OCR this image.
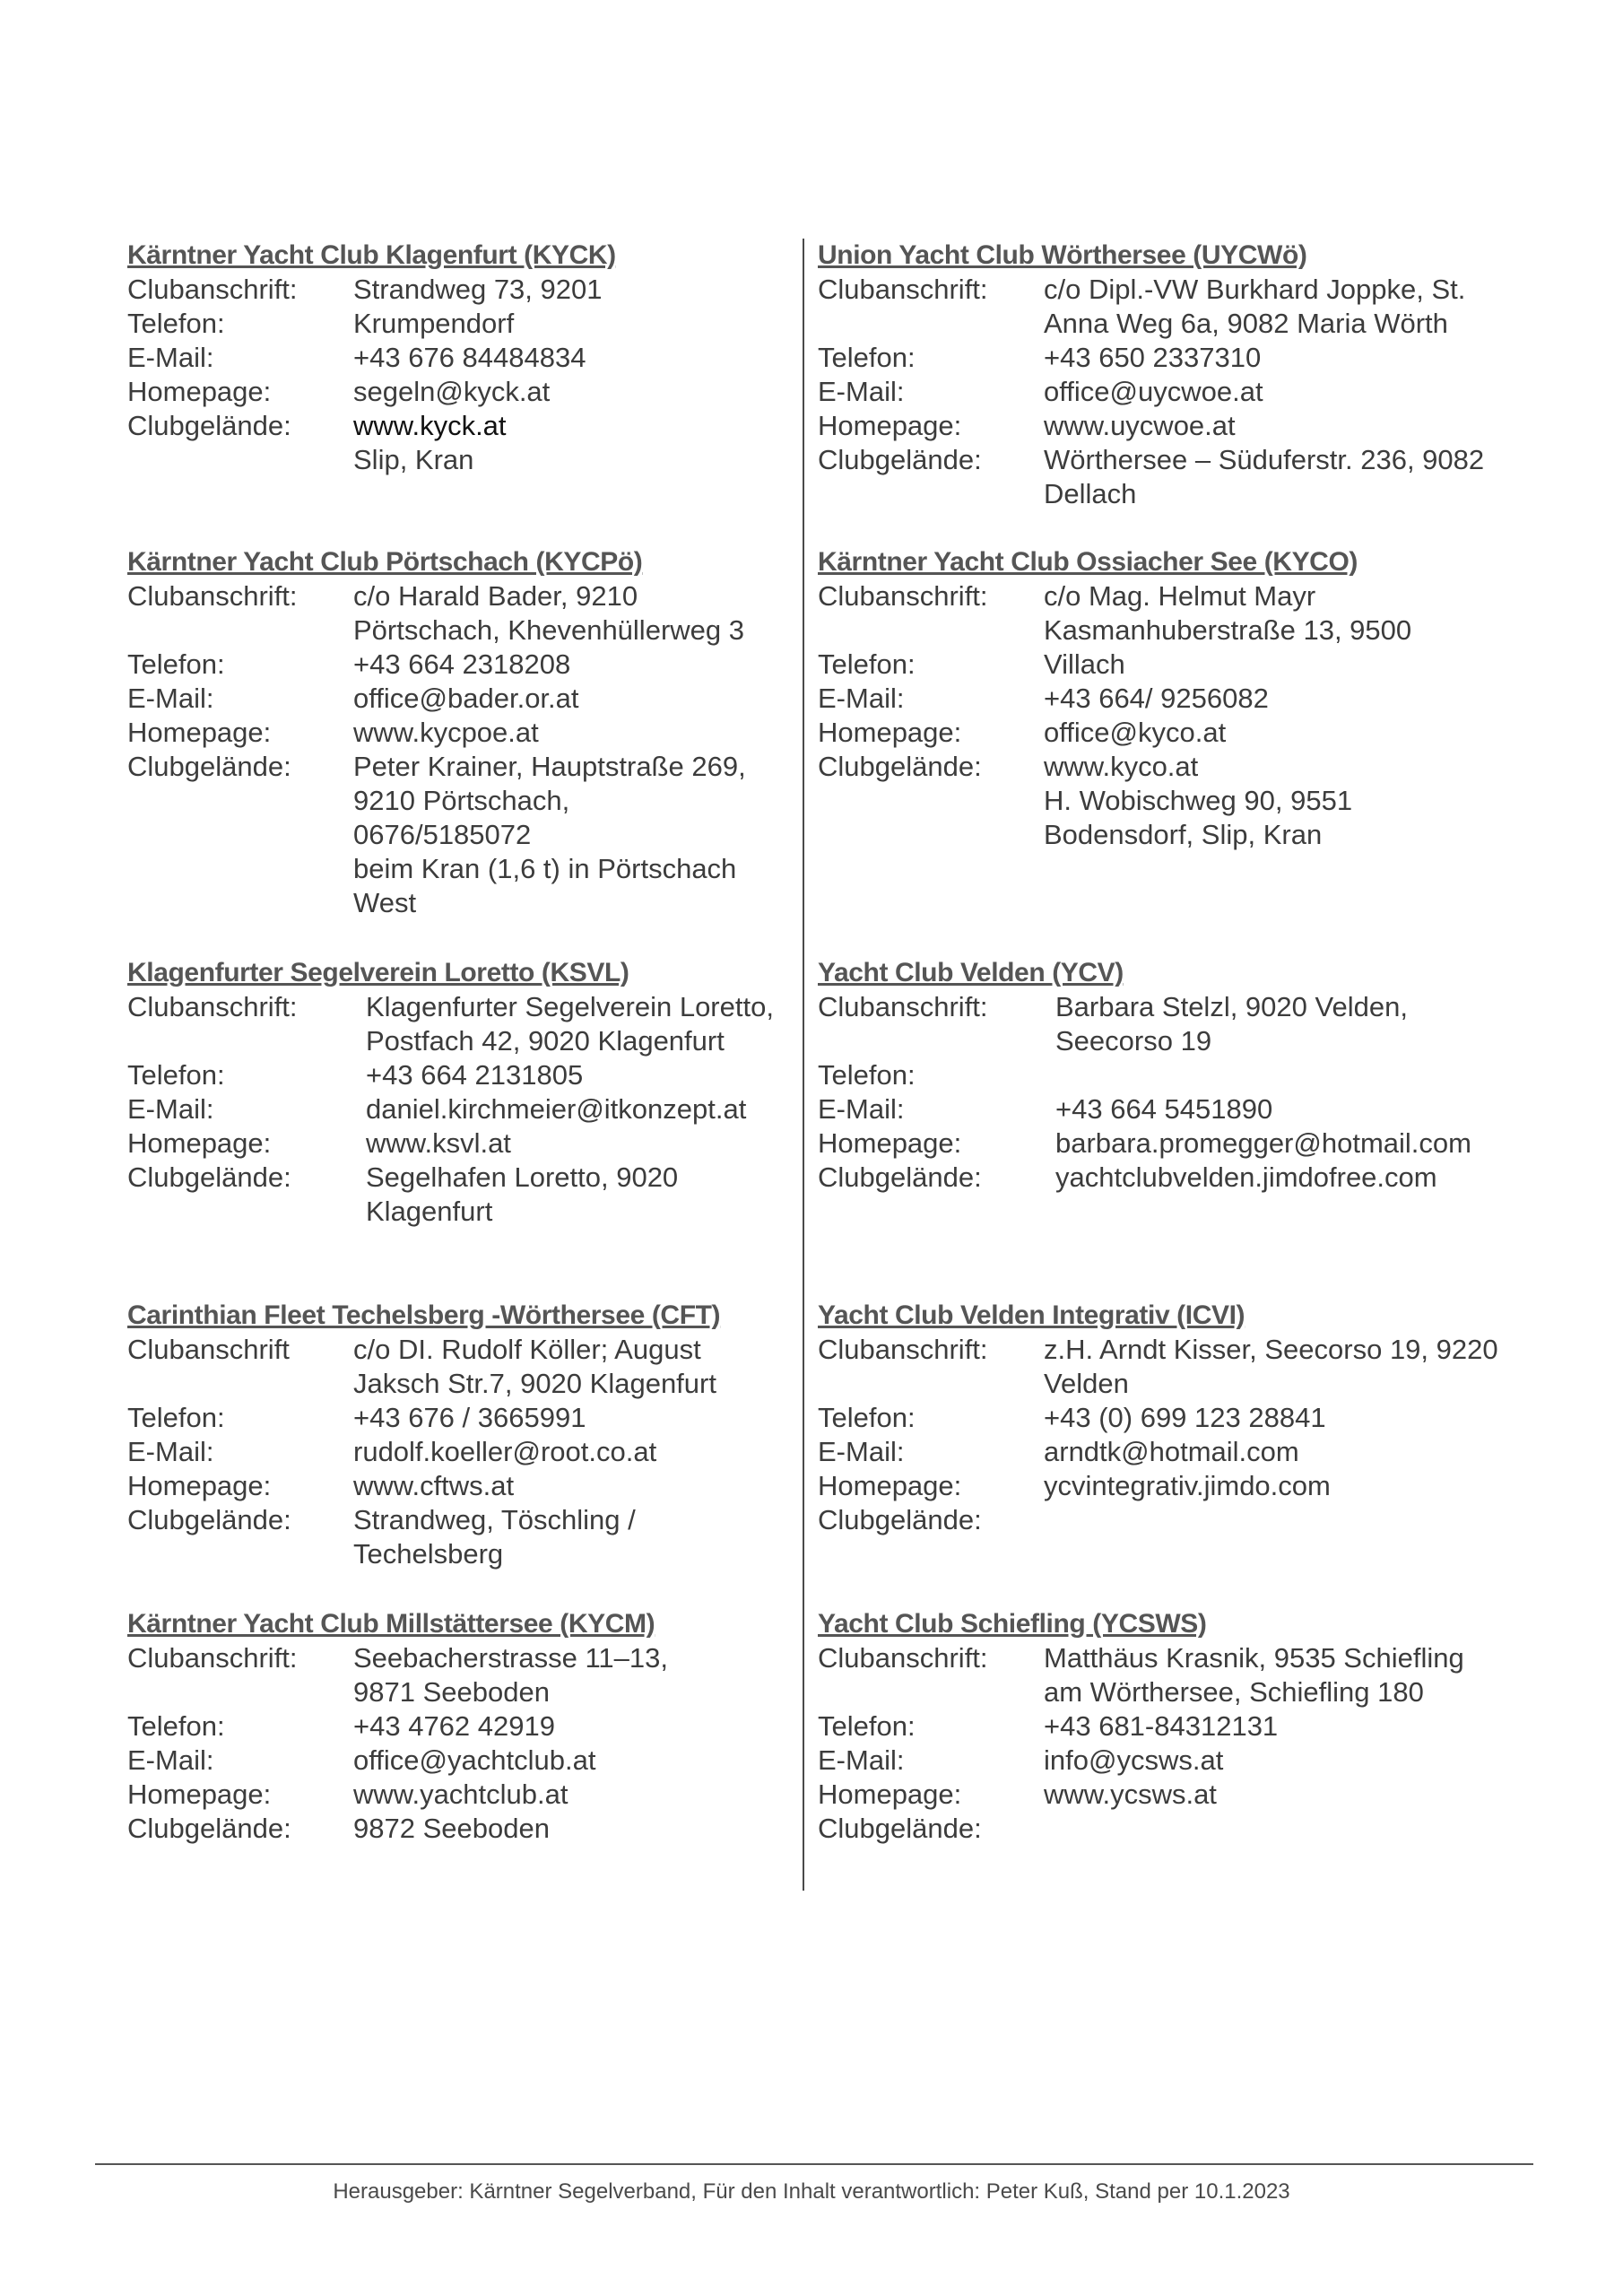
Kärntner Yacht Club Klagenfurt (KYCK)
Clubanschrift:	Strandweg 73, 9201
Telefon:	Krumpendorf
E-Mail:	+43 676 84484834
Homepage:	segeln@kyck.at
Clubgelände:	www.kyck.at
Slip, Kran
Kärntner Yacht Club Pörtschach (KYCPö)
Clubanschrift:	c/o Harald Bader, 9210
Pörtschach, Khevenhüllerweg 3
Telefon:	+43 664 2318208
E-Mail:	office@bader.or.at
Homepage:	www.kycpoe.at
Clubgelände:	Peter Krainer, Hauptstraße 269,
9210 Pörtschach,
0676/5185072
beim Kran (1,6 t) in Pörtschach
West
Klagenfurter Segelverein Loretto (KSVL)
Clubanschrift:	Klagenfurter Segelverein Loretto,
Postfach 42, 9020 Klagenfurt
Telefon:	+43 664 2131805
E-Mail:	daniel.kirchmeier@itkonzept.at
Homepage:	www.ksvl.at
Clubgelände:	Segelhafen Loretto, 9020
Klagenfurt
Carinthian Fleet Techelsberg -Wörthersee (CFT)
Clubanschrift	c/o DI. Rudolf Köller; August
Jaksch Str.7, 9020 Klagenfurt
Telefon:	+43 676 / 3665991
E-Mail:	rudolf.koeller@root.co.at
Homepage:	www.cftws.at
Clubgelände:	Strandweg, Töschling /
Techelsberg
Kärntner Yacht Club Millstättersee (KYCM)
Clubanschrift:	Seebacherstrasse 11–13,
9871 Seeboden
Telefon:	+43 4762 42919
E-Mail:	office@yachtclub.at
Homepage:	www.yachtclub.at
Clubgelände:	9872 Seeboden
Union Yacht Club Wörthersee (UYCWö)
Clubanschrift:	c/o Dipl.-VW Burkhard Joppke, St.
Anna Weg 6a, 9082 Maria Wörth
Telefon:	+43 650 2337310
E-Mail:	office@uycwoe.at
Homepage:	www.uycwoe.at
Clubgelände:	Wörthersee – Süduferstr. 236, 9082
Dellach
Kärntner Yacht Club Ossiacher See (KYCO)
Clubanschrift:	c/o Mag. Helmut Mayr
Kasmanhuberstraße 13, 9500
Telefon:	Villach
E-Mail:	+43 664/ 9256082
Homepage:	office@kyco.at
Clubgelände:	www.kyco.at
H. Wobischweg 90, 9551
Bodensdorf, Slip, Kran
Yacht Club Velden (YCV)
Clubanschrift:	Barbara Stelzl, 9020 Velden,
Seecorso 19
Telefon:

E-Mail:	+43 664 5451890
Homepage:	barbara.promegger@hotmail.com
Clubgelände:	yachtclubvelden.jimdofree.com
Yacht Club Velden Integrativ (ICVI)
Clubanschrift:	z.H. Arndt Kisser, Seecorso 19, 9220
Velden
Telefon:	+43 (0) 699 123 28841
E-Mail:	arndtk@hotmail.com
Homepage:	ycvintegrativ.jimdo.com
Clubgelände:

Yacht Club Schiefling (YCSWS)
Clubanschrift:	Matthäus Krasnik, 9535 Schiefling
am Wörthersee, Schiefling 180
Telefon:	+43 681-84312131
E-Mail:	info@ycsws.at
Homepage:	www.ycsws.at
Clubgelände:

Herausgeber: Kärntner Segelverband, Für den Inhalt verantwortlich: Peter Kuß, Stand per 10.1.2023
